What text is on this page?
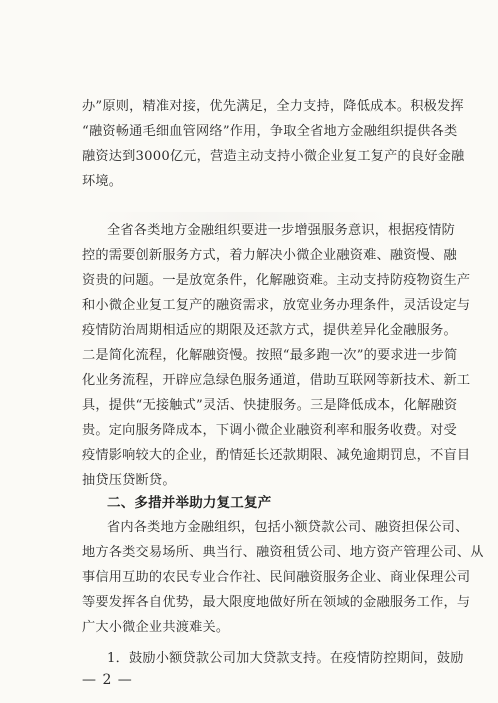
办”原则，精准对接，优先满足，全力支持，降低成本。积极发挥
“融资畅通毛细血管网络”作用，争取全省地方金融组织提供各类
融资达到3000亿元，营造主动支持小微企业复工复产的良好金融
环境。
全省各类地方金融组织要进一步增强服务意识，根据疫情防
控的需要创新服务方式，着力解决小微企业融资难、融资慢、融
资贵的问题。一是放宽条件，化解融资难。主动支持防疫物资生产
和小微企业复工复产的融资需求，放宽业务办理条件，灵活设定与
疫情防治周期相适应的期限及还款方式，提供差异化金融服务。
二是简化流程，化解融资慢。按照“最多跑一次”的要求进一步简
化业务流程，开辟应急绿色服务通道，借助互联网等新技术、新工
具，提供“无接触式”灵活、快捷服务。三是降低成本，化解融资
贵。定向服务降成本，下调小微企业融资利率和服务收费。对受
疫情影响较大的企业，酌情延长还款期限、减免逾期罚息，不盲目
抽贷压贷断贷。
二、多措并举助力复工复产
省内各类地方金融组织，包括小额贷款公司、融资担保公司、
地方各类交易场所、典当行、融资租赁公司、地方资产管理公司、从
事信用互助的农民专业合作社、民间融资服务企业、商业保理公司
等要发挥各自优势，最大限度地做好所在领域的金融服务工作，与
广大小微企业共渡难关。
1．鼓励小额贷款公司加大贷款支持。在疫情防控期间，鼓励
— 2 —
